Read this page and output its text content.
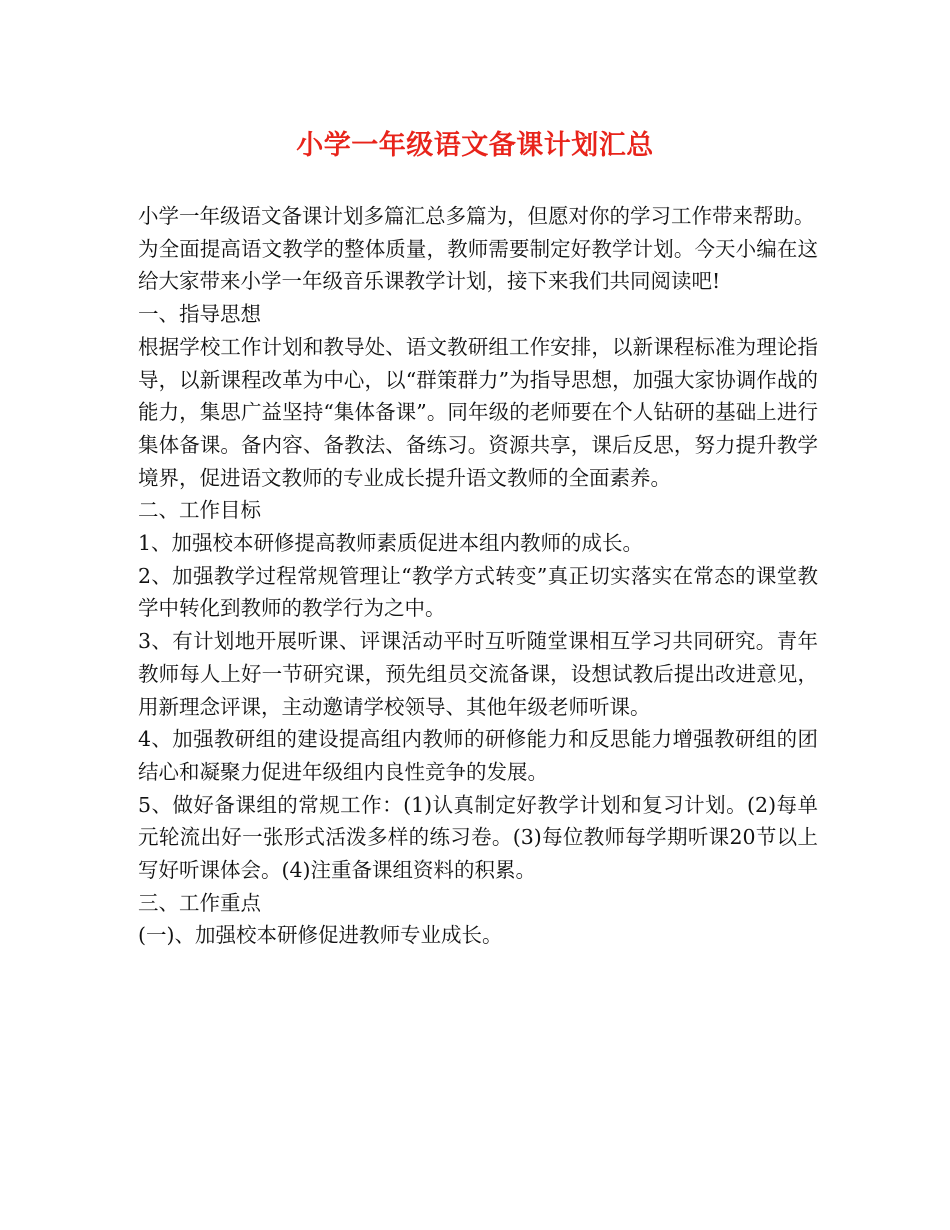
小学一年级语文备课计划汇总

小学一年级语文备课计划多篇汇总多篇为，但愿对你的学习工作带来帮助。

为全面提高语文教学的整体质量，教师需要制定好教学计划。今天小编在这给大家带来小学一年级音乐课教学计划，接下来我们共同阅读吧!

一、指导思想

根据学校工作计划和教导处、语文教研组工作安排，以新课程标准为理论指导，以新课程改革为中心，以“群策群力”为指导思想，加强大家协调作战的能力，集思广益坚持“集体备课”。同年级的老师要在个人钻研的基础上进行集体备课。备内容、备教法、备练习。资源共享，课后反思，努力提升教学境界，促进语文教师的专业成长提升语文教师的全面素养。

二、工作目标

1、加强校本研修提高教师素质促进本组内教师的成长。

2、加强教学过程常规管理让“教学方式转变”真正切实落实在常态的课堂教学中转化到教师的教学行为之中。

3、有计划地开展听课、评课活动平时互听随堂课相互学习共同研究。青年教师每人上好一节研究课，预先组员交流备课，设想试教后提出改进意见，用新理念评课，主动邀请学校领导、其他年级老师听课。

4、加强教研组的建设提高组内教师的研修能力和反思能力增强教研组的团结心和凝聚力促进年级组内良性竞争的发展。

5、做好备课组的常规工作：(1)认真制定好教学计划和复习计划。(2)每单元轮流出好一张形式活泼多样的练习卷。(3)每位教师每学期听课20节以上写好听课体会。(4)注重备课组资料的积累。

三、工作重点

(一)、加强校本研修促进教师专业成长。
